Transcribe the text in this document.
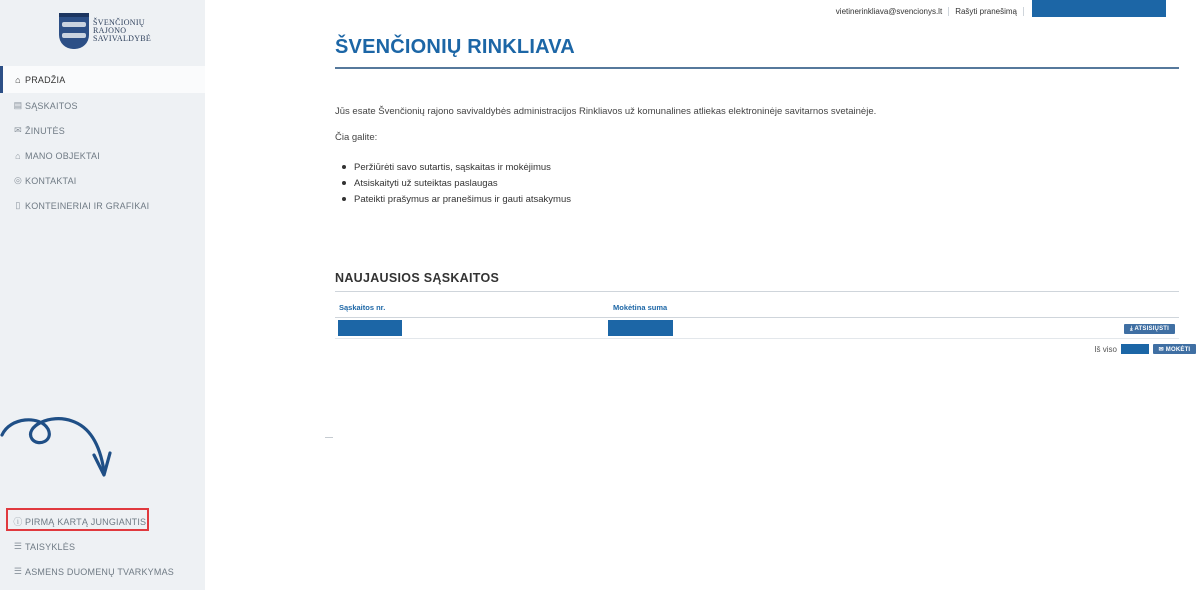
ŠVENČIONIŲ
RAJONO
SAVIVALDYBĖ
⌂ PRADŽIA
▤ SĄSKAITOS
✉ ŽINUTĖS
⌂ MANO OBJEKTAI
◎ KONTAKTAI
▯ KONTEINERIAI IR GRAFIKAI
ⓘ PIRMĄ KARTĄ JUNGIANTIS
☰ TAISYKLĖS
☰ ASMENS DUOMENŲ TVARKYMAS
vietinerinkliava@svencionys.lt	Rašyti pranešimą
ŠVENČIONIŲ RINKLIAVA

Jūs esate Švenčionių rajono savivaldybės administracijos Rinkliavos už komunalines atliekas elektroninėje savitarnos svetainėje.

Čia galite:

Peržiūrėti savo sutartis, sąskaitas ir mokėjimus
Atsiskaityti už suteiktas paslaugas
Pateikti prašymus ar pranešimus ir gauti atsakymus
NAUJAUSIOS SĄSKAITOS
Sąskaitos nr.	Mokėtina suma
⤓ ATSISIŲSTI
Iš viso	✉ MOKĖTI
